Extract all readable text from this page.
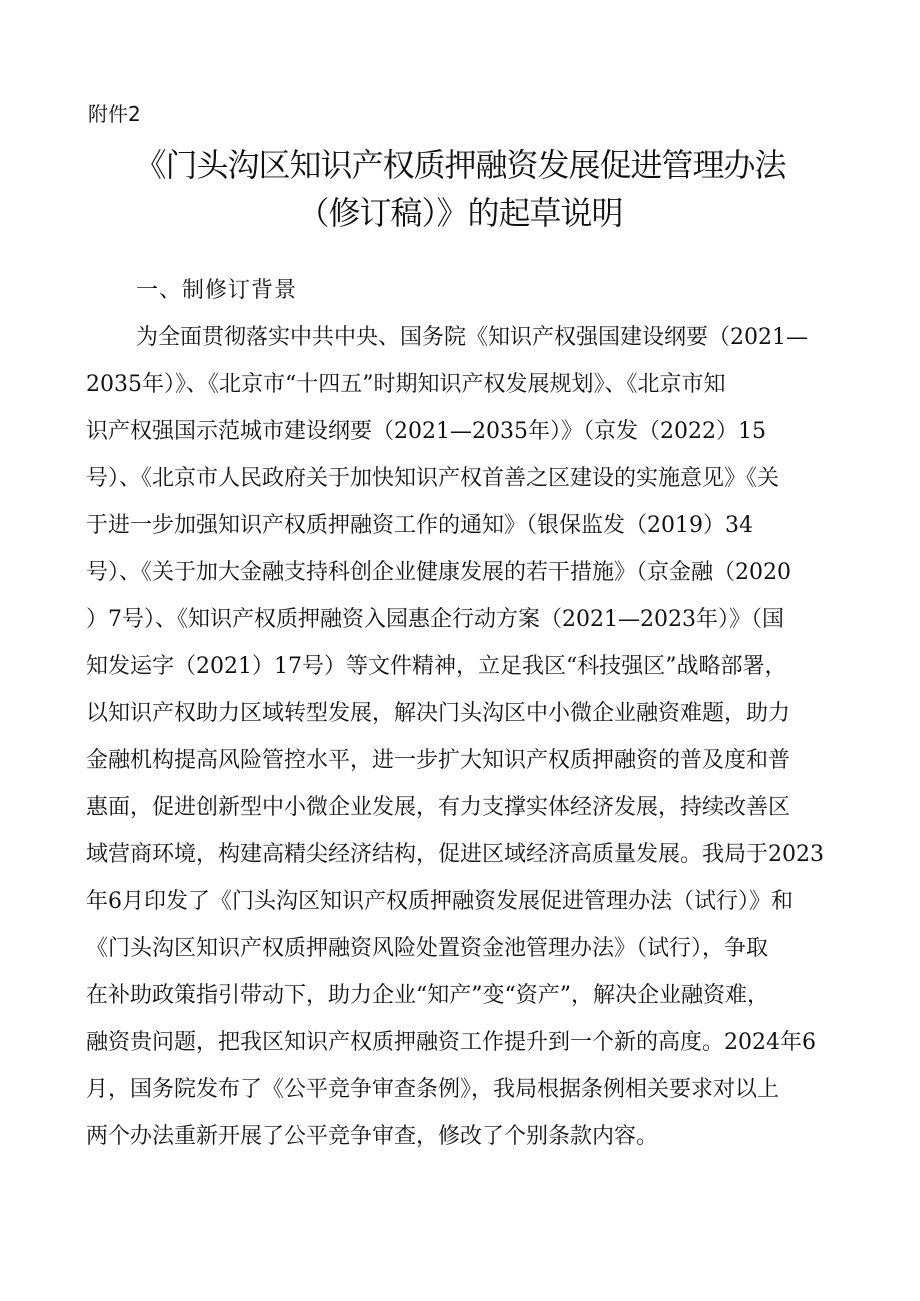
附件2
《门头沟区知识产权质押融资发展促进管理办法
（修订稿）》的起草说明
一、制修订背景
为全面贯彻落实中共中央、国务院《知识产权强国建设纲要（2021—
2035年）》、《北京市“十四五”时期知识产权发展规划》、《北京市知
识产权强国示范城市建设纲要（2021—2035年）》（京发（2022）15
号）、《北京市人民政府关于加快知识产权首善之区建设的实施意见》《关
于进一步加强知识产权质押融资工作的通知》（银保监发（2019）34
号）、《关于加大金融支持科创企业健康发展的若干措施》（京金融（2020
）7号）、《知识产权质押融资入园惠企行动方案（2021—2023年）》（国
知发运字（2021）17号）等文件精神，立足我区“科技强区”战略部署，
以知识产权助力区域转型发展，解决门头沟区中小微企业融资难题，助力
金融机构提高风险管控水平，进一步扩大知识产权质押融资的普及度和普
惠面，促进创新型中小微企业发展，有力支撑实体经济发展，持续改善区
域营商环境，构建高精尖经济结构，促进区域经济高质量发展。我局于2023
年6月印发了《门头沟区知识产权质押融资发展促进管理办法（试行）》和
《门头沟区知识产权质押融资风险处置资金池管理办法》（试行），争取
在补助政策指引带动下，助力企业“知产”变“资产”，解决企业融资难，
融资贵问题，把我区知识产权质押融资工作提升到一个新的高度。2024年6
月，国务院发布了《公平竞争审查条例》，我局根据条例相关要求对以上
两个办法重新开展了公平竞争审查，修改了个别条款内容。
